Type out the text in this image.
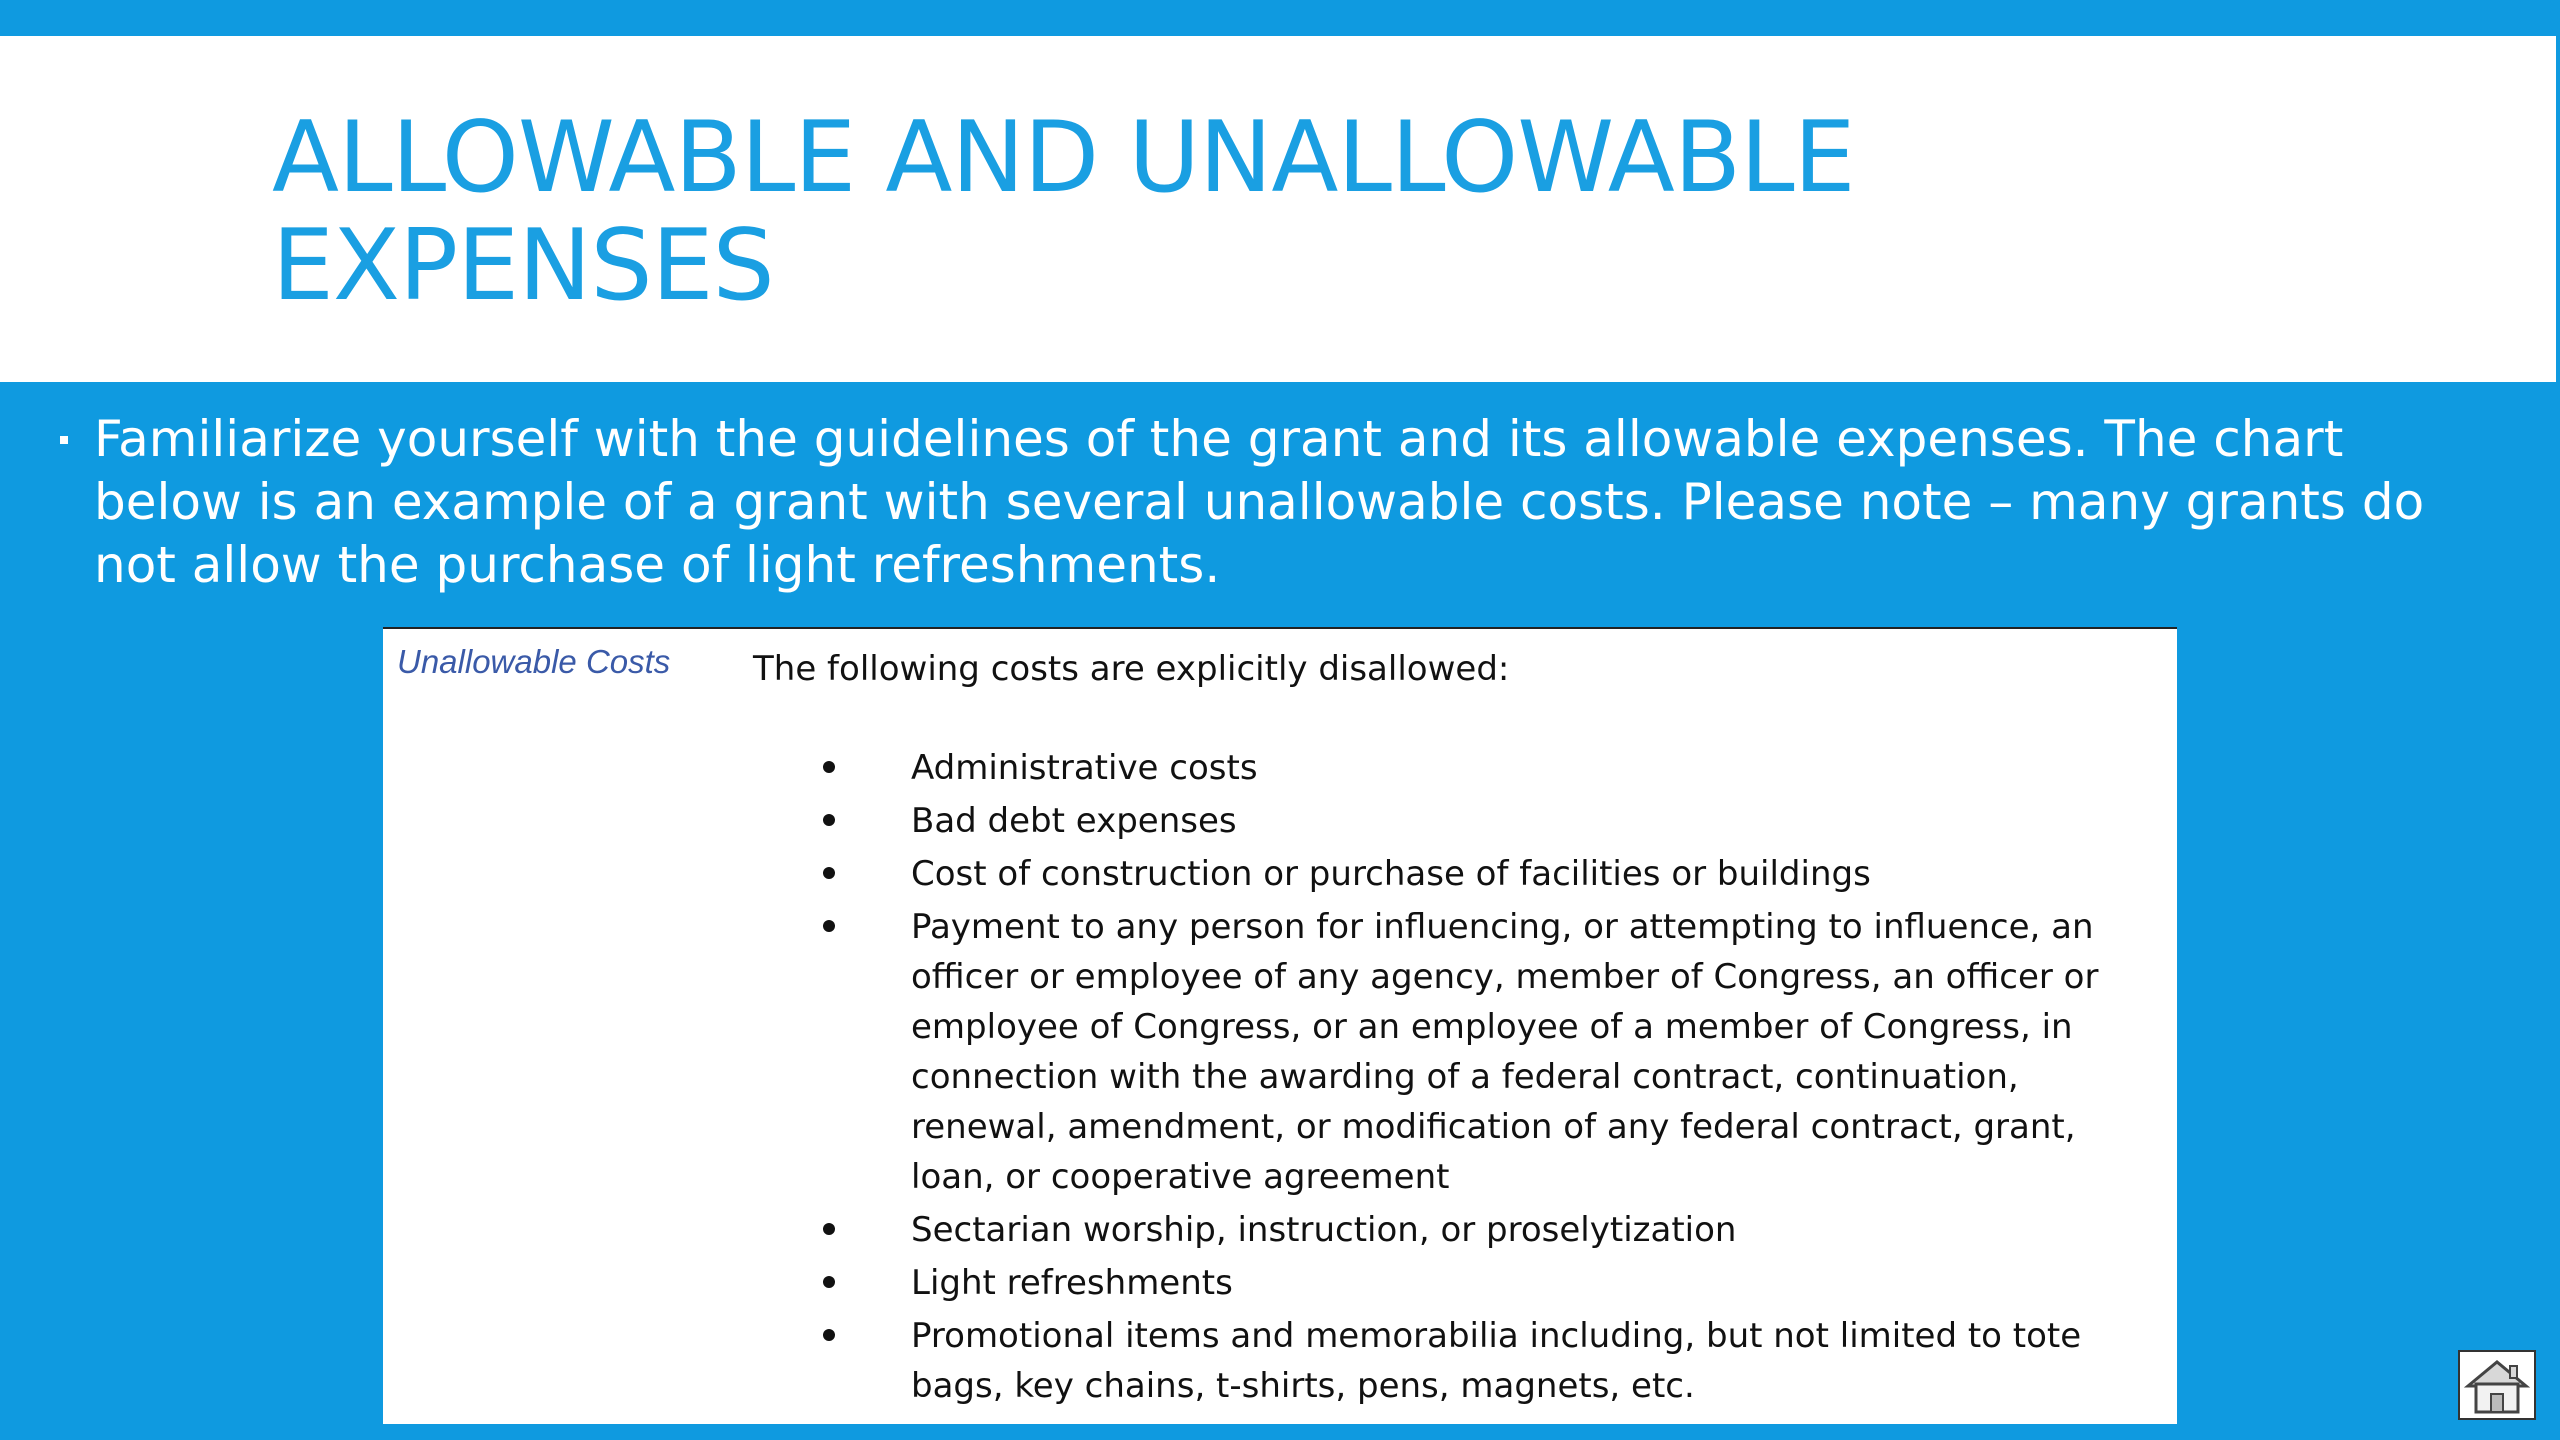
ALLOWABLE AND UNALLOWABLE EXPENSES
Familiarize yourself with the guidelines of the grant and its allowable expenses. The chart below is an example of a grant with several unallowable costs. Please note – many grants do not allow the purchase of light refreshments.
Unallowable Costs The following costs are explicitly disallowed:
Administrative costs
Bad debt expenses
Cost of construction or purchase of facilities or buildings
Payment to any person for influencing, or attempting to influence, an officer or employee of any agency, member of Congress, an officer or employee of Congress, or an employee of a member of Congress, in connection with the awarding of a federal contract, continuation, renewal, amendment, or modification of any federal contract, grant, loan, or cooperative agreement
Sectarian worship, instruction, or proselytization
Light refreshments
Promotional items and memorabilia including, but not limited to tote bags, key chains, t-shirts, pens, magnets, etc.
